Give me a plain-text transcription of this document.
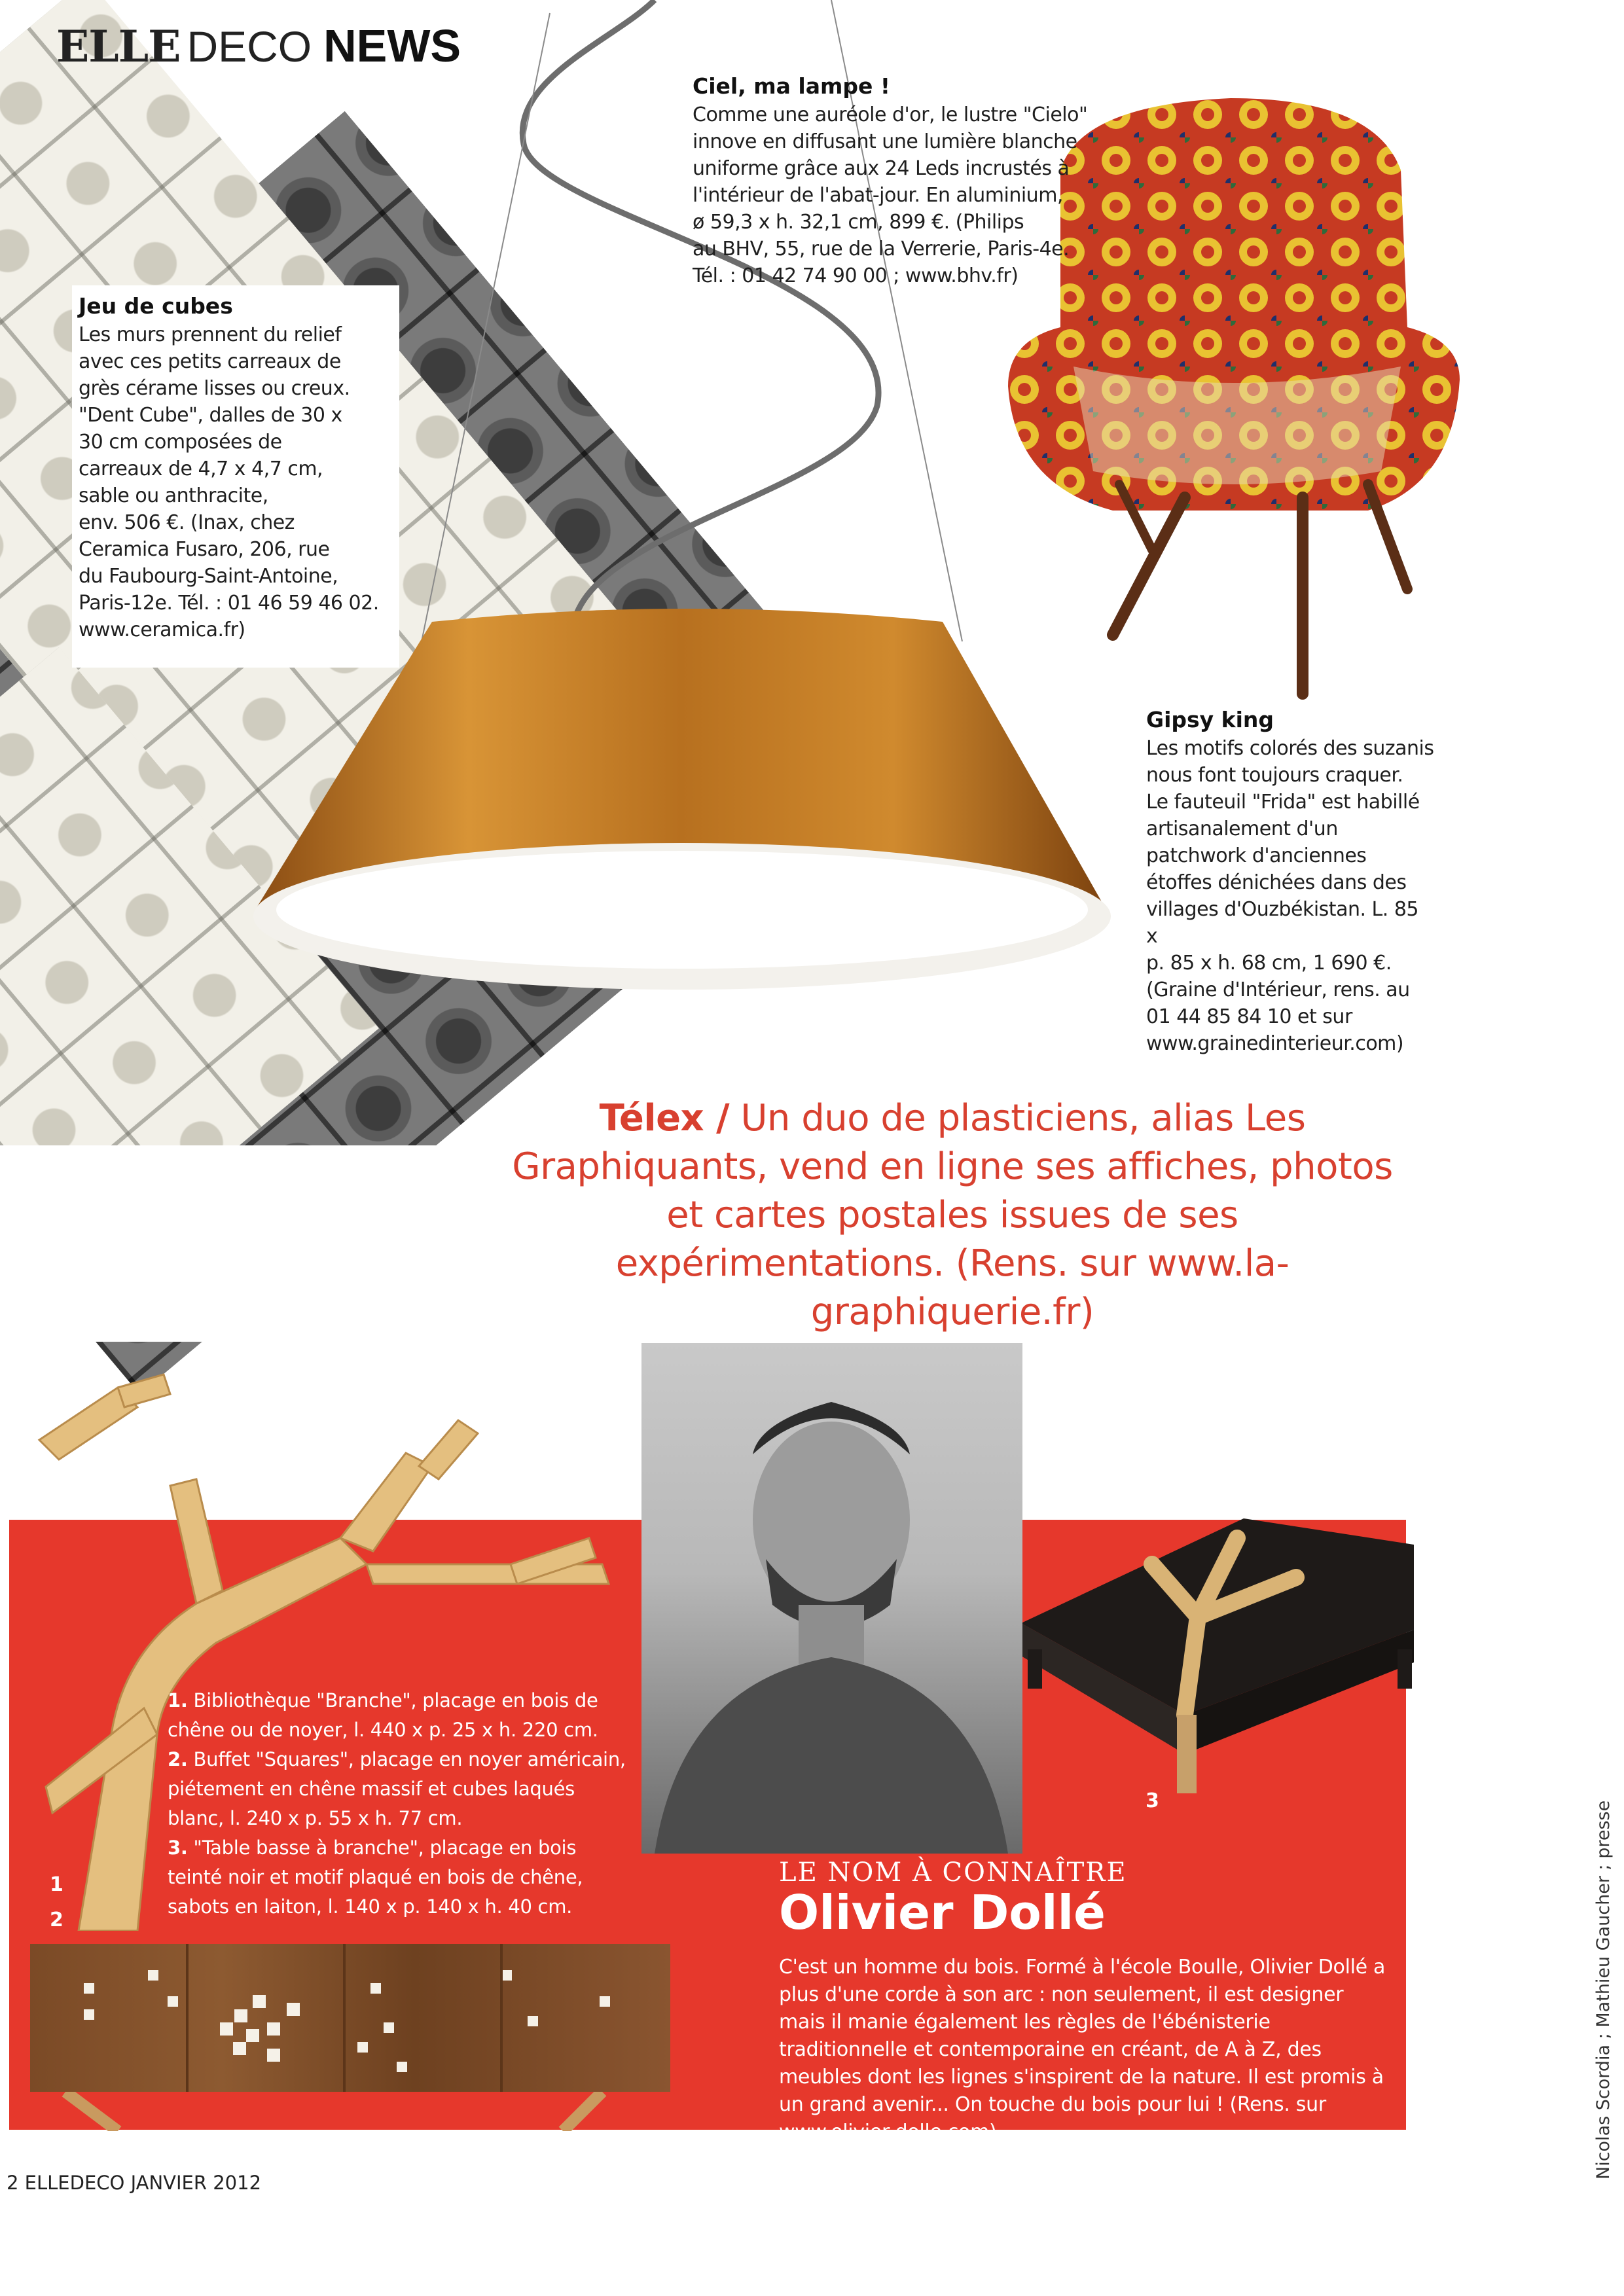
ELLE DECO NEWS

Jeu de cubes

Les murs prennent du relief
avec ces petits carreaux de
grès cérame lisses ou creux.
"Dent Cube", dalles de 30 x
30 cm composées de
carreaux de 4,7 x 4,7 cm,
sable ou anthracite,
env. 506 €. (Inax, chez
Ceramica Fusaro, 206, rue
du Faubourg-Saint-Antoine,
Paris-12e. Tél. : 01 46 59 46 02.
www.ceramica.fr)

Ciel, ma lampe !

Comme une auréole d'or, le lustre "Cielo"
innove en diffusant une lumière blanche
uniforme grâce aux 24 Leds incrustés à
l'intérieur de l'abat-jour. En aluminium,
ø 59,3 x h. 32,1 cm, 899 €. (Philips
au BHV, 55, rue de la Verrerie, Paris-4e.
Tél. : 01 42 74 90 00 ; www.bhv.fr)

Gipsy king

Les motifs colorés des suzanis
nous font toujours craquer.
Le fauteuil "Frida" est habillé
artisanalement d'un
patchwork d'anciennes
étoffes dénichées dans des
villages d'Ouzbékistan. L. 85 x
p. 85 x h. 68 cm, 1 690 €.
(Graine d'Intérieur, rens. au
01 44 85 84 10 et sur
www.grainedinterieur.com)

Télex / Un duo de plasticiens, alias Les Graphiquants, vend en ligne ses affiches, photos et cartes postales issues de ses expérimentations. (Rens. sur www.la-graphiquerie.fr)

1. Bibliothèque "Branche", placage en bois de chêne ou de noyer, l. 440 x p. 25 x h. 220 cm.

2. Buffet "Squares", placage en noyer américain, piétement en chêne massif et cubes laqués blanc, l. 240 x p. 55 x h. 77 cm.

3. "Table basse à branche", placage en bois teinté noir et motif plaqué en bois de chêne, sabots en laiton, l. 140 x p. 140 x h. 40 cm.

1
2
3
LE NOM À CONNAÎTRE
Olivier Dollé

C'est un homme du bois. Formé à l'école Boulle, Olivier Dollé a plus d'une corde à son arc : non seulement, il est designer mais il manie également les règles de l'ébénisterie traditionnelle et contemporaine en créant, de A à Z, des meubles dont les lignes s'inspirent de la nature. Il est promis à un grand avenir... On touche du bois pour lui ! (Rens. sur www.olivier-dolle.com)

2 ELLEDECO JANVIER 2012
Nicolas Scordia ; Mathieu Gaucher ; presse
